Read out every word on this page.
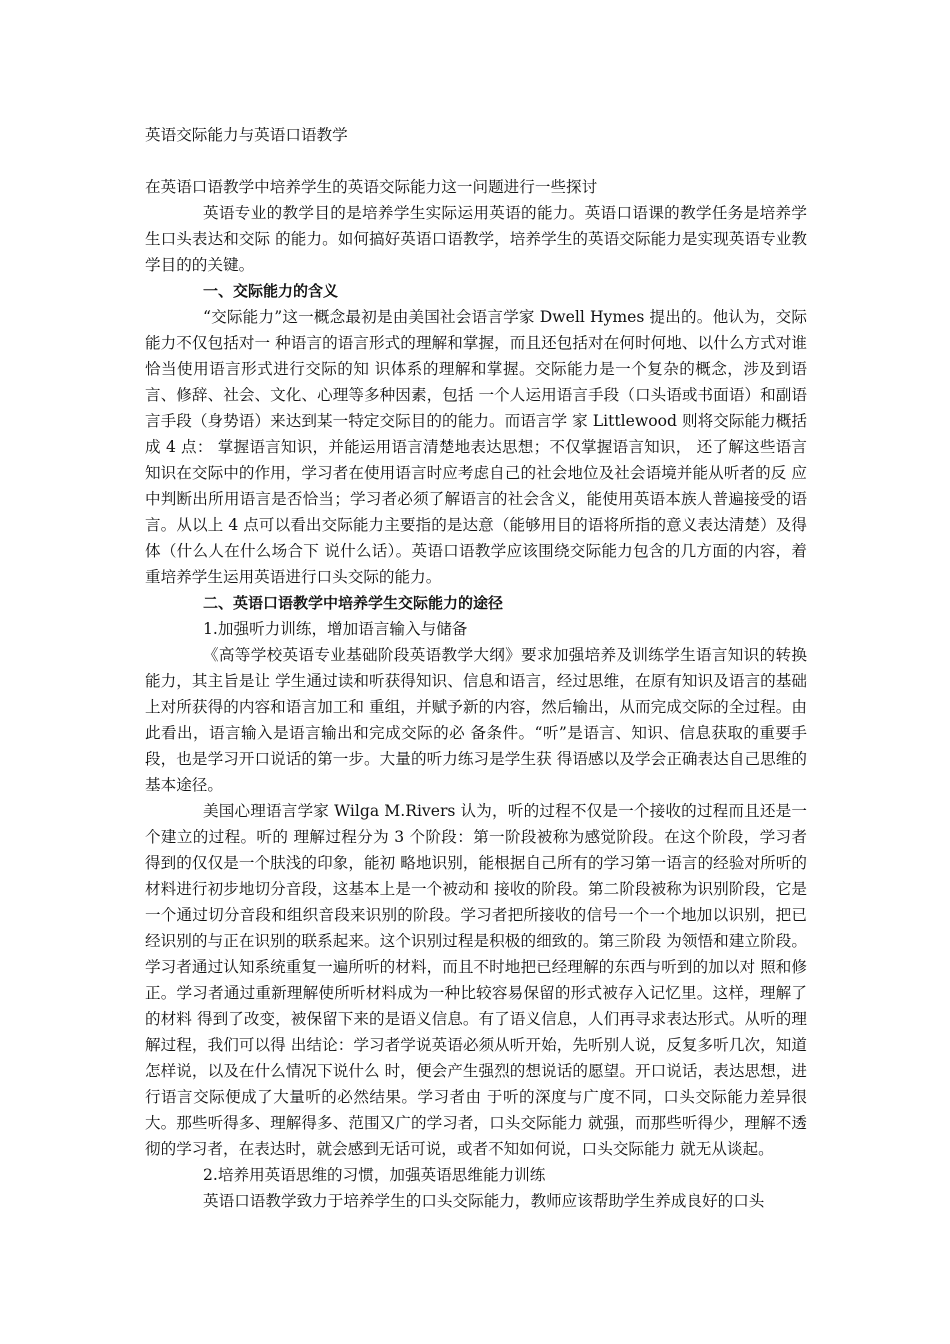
英语交际能力与英语口语教学

在英语口语教学中培养学生的英语交际能力这一问题进行一些探讨

英语专业的教学目的是培养学生实际运用英语的能力。英语口语课的教学任务是培养学生口头表达和交际 的能力。如何搞好英语口语教学，培养学生的英语交际能力是实现英语专业教学目的的关键。

一、交际能力的含义

“交际能力”这一概念最初是由美国社会语言学家 Dwell Hymes 提出的。他认为，交际能力不仅包括对一 种语言的语言形式的理解和掌握，而且还包括对在何时何地、以什么方式对谁恰当使用语言形式进行交际的知 识体系的理解和掌握。交际能力是一个复杂的概念，涉及到语言、修辞、社会、文化、心理等多种因素，包括 一个人运用语言手段（口头语或书面语）和副语言手段（身势语）来达到某一特定交际目的的能力。而语言学 家 Littlewood 则将交际能力概括成 4 点： 掌握语言知识，并能运用语言清楚地表达思想；不仅掌握语言知识， 还了解这些语言知识在交际中的作用，学习者在使用语言时应考虑自己的社会地位及社会语境并能从听者的反 应中判断出所用语言是否恰当；学习者必须了解语言的社会含义，能使用英语本族人普遍接受的语言。从以上 4 点可以看出交际能力主要指的是达意（能够用目的语将所指的意义表达清楚）及得体（什么人在什么场合下 说什么话）。英语口语教学应该围绕交际能力包含的几方面的内容，着重培养学生运用英语进行口头交际的能力。

二、英语口语教学中培养学生交际能力的途径

1.加强听力训练，增加语言输入与储备

《高等学校英语专业基础阶段英语教学大纲》要求加强培养及训练学生语言知识的转换能力，其主旨是让 学生通过读和听获得知识、信息和语言，经过思维，在原有知识及语言的基础上对所获得的内容和语言加工和 重组，并赋予新的内容，然后输出，从而完成交际的全过程。由此看出，语言输入是语言输出和完成交际的必 备条件。“听”是语言、知识、信息获取的重要手段，也是学习开口说话的第一步。大量的听力练习是学生获 得语感以及学会正确表达自己思维的基本途径。

美国心理语言学家 Wilga M.Rivers 认为，听的过程不仅是一个接收的过程而且还是一个建立的过程。听的 理解过程分为 3 个阶段：第一阶段被称为感觉阶段。在这个阶段，学习者得到的仅仅是一个肤浅的印象，能初 略地识别，能根据自己所有的学习第一语言的经验对所听的材料进行初步地切分音段，这基本上是一个被动和 接收的阶段。第二阶段被称为识别阶段，它是一个通过切分音段和组织音段来识别的阶段。学习者把所接收的信号一个一个地加以识别，把已经识别的与正在识别的联系起来。这个识别过程是积极的细致的。第三阶段 为领悟和建立阶段。学习者通过认知系统重复一遍所听的材料，而且不时地把已经理解的东西与听到的加以对 照和修正。学习者通过重新理解使所听材料成为一种比较容易保留的形式被存入记忆里。这样，理解了的材料 得到了改变，被保留下来的是语义信息。有了语义信息，人们再寻求表达形式。从听的理解过程，我们可以得 出结论：学习者学说英语必须从听开始，先听别人说，反复多听几次，知道怎样说，以及在什么情况下说什么 时，便会产生强烈的想说话的愿望。开口说话，表达思想，进行语言交际便成了大量听的必然结果。学习者由 于听的深度与广度不同，口头交际能力差异很大。那些听得多、理解得多、范围又广的学习者，口头交际能力 就强，而那些听得少，理解不透彻的学习者，在表达时，就会感到无话可说，或者不知如何说，口头交际能力 就无从谈起。

2.培养用英语思维的习惯，加强英语思维能力训练

英语口语教学致力于培养学生的口头交际能力，教师应该帮助学生养成良好的口头
